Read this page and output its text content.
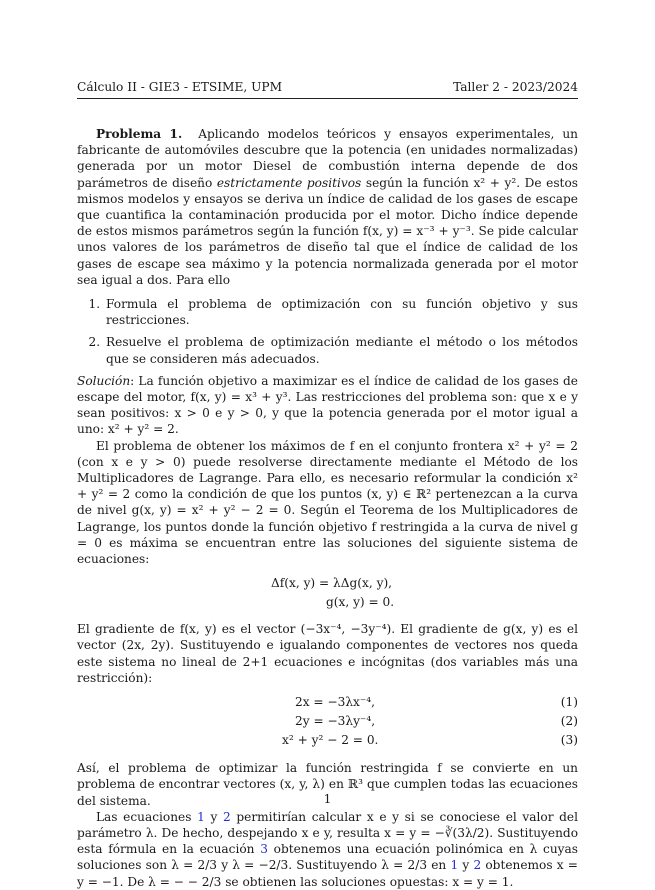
Cálculo II - GIE3 - ETSIME, UPM	Taller 2 - 2023/2024

Problema 1. Aplicando modelos teóricos y ensayos experimentales, un fabricante de automóviles descubre que la potencia (en unidades normalizadas) generada por un motor Diesel de combustión interna depende de dos parámetros de diseño estrictamente positivos según la función x² + y². De estos mismos modelos y ensayos se deriva un índice de calidad de los gases de escape que cuantifica la contaminación producida por el motor. Dicho índice depende de estos mismos parámetros según la función f(x, y) = x⁻³ + y⁻³. Se pide calcular unos valores de los parámetros de diseño tal que el índice de calidad de los gases de escape sea máximo y la potencia normalizada generada por el motor sea igual a dos. Para ello

1. Formula el problema de optimización con su función objetivo y sus restricciones.
2. Resuelve el problema de optimización mediante el método o los métodos que se consideren más adecuados.

Solución: La función objetivo a maximizar es el índice de calidad de los gases de escape del motor, f(x, y) = x³ + y³. Las restricciones del problema son: que x e y sean positivos: x > 0 e y > 0, y que la potencia generada por el motor igual a uno: x² + y² = 2.

El problema de obtener los máximos de f en el conjunto frontera x² + y² = 2 (con x e y > 0) puede resolverse directamente mediante el Método de los Multiplicadores de Lagrange. Para ello, es necesario reformular la condición x² + y² = 2 como la condición de que los puntos (x, y) ∈ ℝ² pertenezcan a la curva de nivel g(x, y) = x² + y² − 2 = 0. Según el Teorema de los Multiplicadores de Lagrange, los puntos donde la función objetivo f restringida a la curva de nivel g = 0 es máxima se encuentran entre las soluciones del siguiente sistema de ecuaciones:

Δf(x, y) = λΔg(x, y),
g(x, y) = 0.

El gradiente de f(x, y) es el vector (−3x⁻⁴, −3y⁻⁴). El gradiente de g(x, y) es el vector (2x, 2y). Sustituyendo e igualando componentes de vectores nos queda este sistema no lineal de 2+1 ecuaciones e incógnitas (dos variables más una restricción):

2x = −3λx⁻⁴,	(1)
2y = −3λy⁻⁴,	(2)
x² + y² − 2 = 0.	(3)

Así, el problema de optimizar la función restringida f se convierte en un problema de encontrar vectores (x, y, λ) en ℝ³ que cumplen todas las ecuaciones del sistema.

Las ecuaciones 1 y 2 permitirían calcular x e y si se conociese el valor del parámetro λ. De hecho, despejando x e y, resulta x = y = −∛(3λ/2). Sustituyendo esta fórmula en la ecuación 3 obtenemos una ecuación polinómica en λ cuyas soluciones son λ = 2/3 y λ = −2/3. Sustituyendo λ = 2/3 en 1 y 2 obtenemos x = y = −1. De λ = − − 2/3 se obtienen las soluciones opuestas: x = y = 1.

1
